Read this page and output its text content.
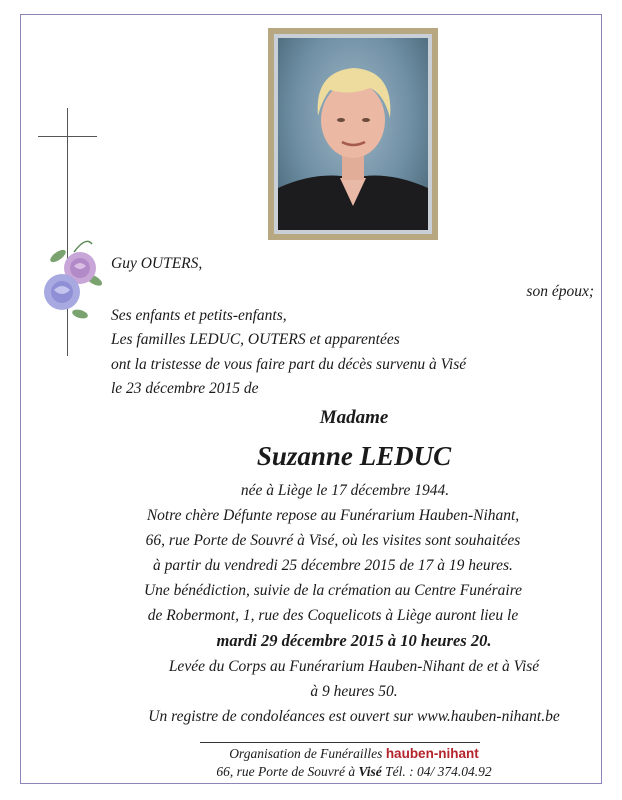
Guy OUTERS,
son époux;
Ses enfants et petits-enfants,
Les familles LEDUC, OUTERS et apparentées
ont la tristesse de vous faire part du décès survenu à Visé
le 23 décembre 2015 de
Madame
Suzanne LEDUC
née à Liège le 17 décembre 1944.
Notre chère Défunte repose au Funérarium Hauben-Nihant,
66, rue Porte de Souvré à Visé, où les visites sont souhaitées
à partir du vendredi 25 décembre 2015 de 17 à 19 heures.
Une bénédiction, suivie de la crémation au Centre Funéraire
de Robermont, 1, rue des Coquelicots à Liège auront lieu le
mardi 29 décembre 2015 à 10 heures 20.
Levée du Corps au Funérarium Hauben-Nihant de et à Visé
à 9 heures 50.
Un registre de condoléances est ouvert sur www.hauben-nihant.be
Organisation de Funérailles hauben-nihant
66, rue Porte de Souvré à Visé Tél. : 04/ 374.04.92
